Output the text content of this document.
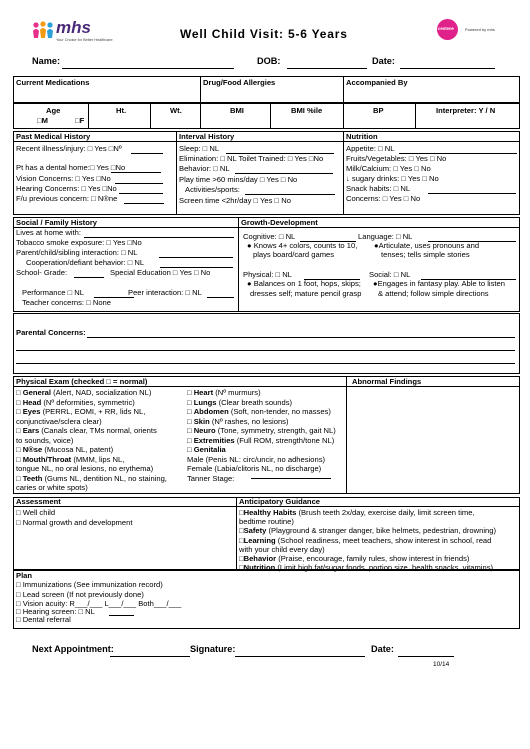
mhs
Your Choice for Better Healthcare	Well Child Visit: 5-6 Years	centene	Powered by mhs
Name:	DOB:	Date:
Current Medications	Drug/Food Allergies	Accompanied By
Age
□M	□F
Ht.	Wt.	BMI	BMI %ile	BP	Interpreter: Y / N
Past Medical History
Recent illness/injury: □ Yes □Nº
Pt has a dental home:□ Yes □No
Vision Concerns: □ Yes □No
Hearing Concerns: □ Yes □No
F/u previous concern: □ N®ne
Interval History
Sleep: □ NL
Elimination: □ NL Toilet Trained: □ Yes □No
Behavior: □ NL
Play time >60 mins/day □ Yes □ No
Activities/sports:
Screen time <2hr/day □ Yes □ No
Nutrition
Appetite: □ NL
Fruits/Vegetables: □ Yes □ No
Milk/Calcium: □ Yes □ No
↓ sugary drinks: □ Yes □ No
Snack habits: □ NL
Concerns: □ Yes □ No
Social / Family History
Lives at home with:
Tobacco smoke exposure: □ Yes □No
Parent/child/sibling interaction: □ NL
Cooperation/defiant behavior: □ NL
School- Grade:	Special Education □ Yes □ No
Performance □ NL	Peer interaction: □ NL
Teacher concerns: □ None
Growth-Development
Cognitive: □ NL	Language: □ NL
● Knows 4+ colors, counts to 10,
plays board/card games
●Articulate, uses pronouns and
tenses; tells simple stories
Physical: □ NL	Social: □ NL
● Balances on 1 foot, hops, skips;
dresses self; mature pencil grasp
●Engages in fantasy play. Able to listen
& attend; follow simple directions
Parental Concerns:
Physical Exam (checked □ = normal)	Abnormal Findings
□ General (Alert, NAD, socialization NL)
□ Head (Nº deformities, symmetric)
□ Eyes (PERRL, EOMI, + RR, lids NL,
conjunctivae/sclera clear)
□ Ears (Canals clear, TMs normal, orients
to sounds, voice)
□ N®se (Mucosa NL, patent)
□ Mouth/Throat (MMM, lips NL,
tongue NL, no oral lesions, no erythema)
□ Teeth (Gums NL, dentition NL, no staining,
caries or white spots)
□ Heart (Nº murmurs)
□ Lungs (Clear breath sounds)
□ Abdomen (Soft, non-tender, no masses)
□ Skin (Nº rashes, no lesions)
□ Neuro (Tone, symmetry, strength, gait NL)
□ Extremities (Full ROM, strength/tone NL)
□ Genitalia
Male (Penis NL: circ/uncir, no adhesions)
Female (Labia/clitoris NL, no discharge)
Tanner Stage:
Assessment
□ Well child
□ Normal growth and development
Anticipatory Guidance
□Healthy Habits (Brush teeth 2x/day, exercise daily, limit screen time,
bedtime routine)
□Safety (Playground & stranger danger, bike helmets, pedestrian, drowning)
□Learning (School readiness, meet teachers, show interest in school, read
with your child every day)
□Behavior (Praise, encourage, family rules, show interest in friends)
□Nutrition (Limit high fat/sugar foods, portion size, health snacks, vitamins)
Plan
□ Immunizations (See immunization record)
□ Lead screen (If not previously done)
□ Vision acuity: R___/___ L___/___ Both___/___
□ Hearing screen: □ NL
□ Dental referral
Next Appointment:	Signature:	Date:
10/14
